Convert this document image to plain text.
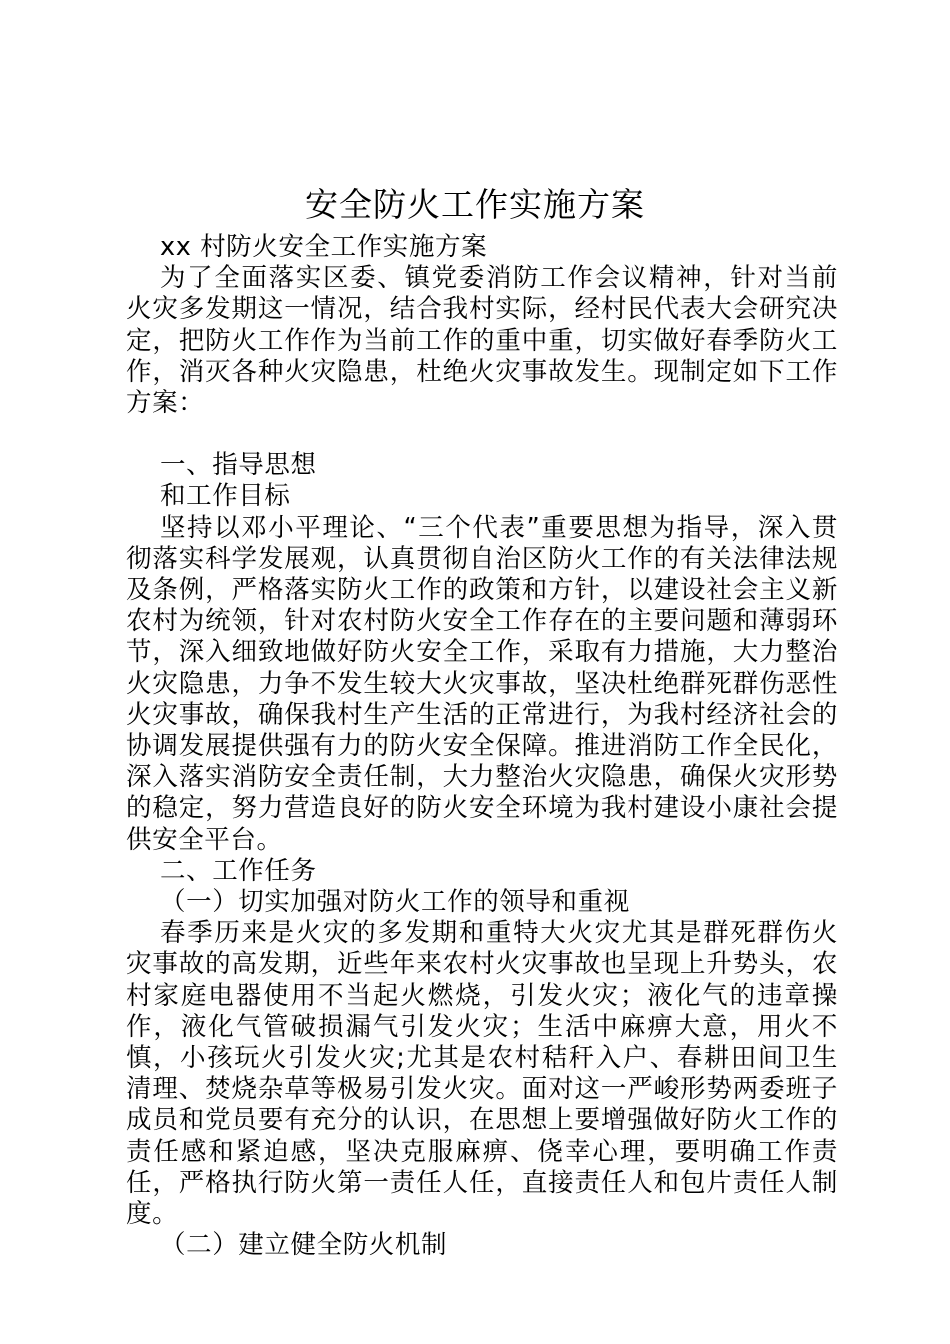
安全防火工作实施方案

xx 村防火安全工作实施方案

为了全面落实区委、镇党委消防工作会议精神，针对当前火灾多发期这一情况，结合我村实际，经村民代表大会研究决定，把防火工作作为当前工作的重中重，切实做好春季防火工作，消灭各种火灾隐患，杜绝火灾事故发生。现制定如下工作方案：

一、指导思想

和工作目标

坚持以邓小平理论、“三个代表”重要思想为指导，深入贯彻落实科学发展观，认真贯彻自治区防火工作的有关法律法规及条例，严格落实防火工作的政策和方针，以建设社会主义新农村为统领，针对农村防火安全工作存在的主要问题和薄弱环节，深入细致地做好防火安全工作，采取有力措施，大力整治火灾隐患，力争不发生较大火灾事故，坚决杜绝群死群伤恶性火灾事故，确保我村生产生活的正常进行，为我村经济社会的协调发展提供强有力的防火安全保障。推进消防工作全民化，深入落实消防安全责任制，大力整治火灾隐患，确保火灾形势的稳定，努力营造良好的防火安全环境为我村建设小康社会提供安全平台。

二、工作任务

（一）切实加强对防火工作的领导和重视

春季历来是火灾的多发期和重特大火灾尤其是群死群伤火灾事故的高发期，近些年来农村火灾事故也呈现上升势头，农村家庭电器使用不当起火燃烧，引发火灾；液化气的违章操作，液化气管破损漏气引发火灾；生活中麻痹大意，用火不慎，小孩玩火引发火灾;尤其是农村秸秆入户、春耕田间卫生清理、焚烧杂草等极易引发火灾。面对这一严峻形势两委班子成员和党员要有充分的认识，在思想上要增强做好防火工作的责任感和紧迫感，坚决克服麻痹、侥幸心理，要明确工作责任，严格执行防火第一责任人任，直接责任人和包片责任人制度。

（二）建立健全防火机制
